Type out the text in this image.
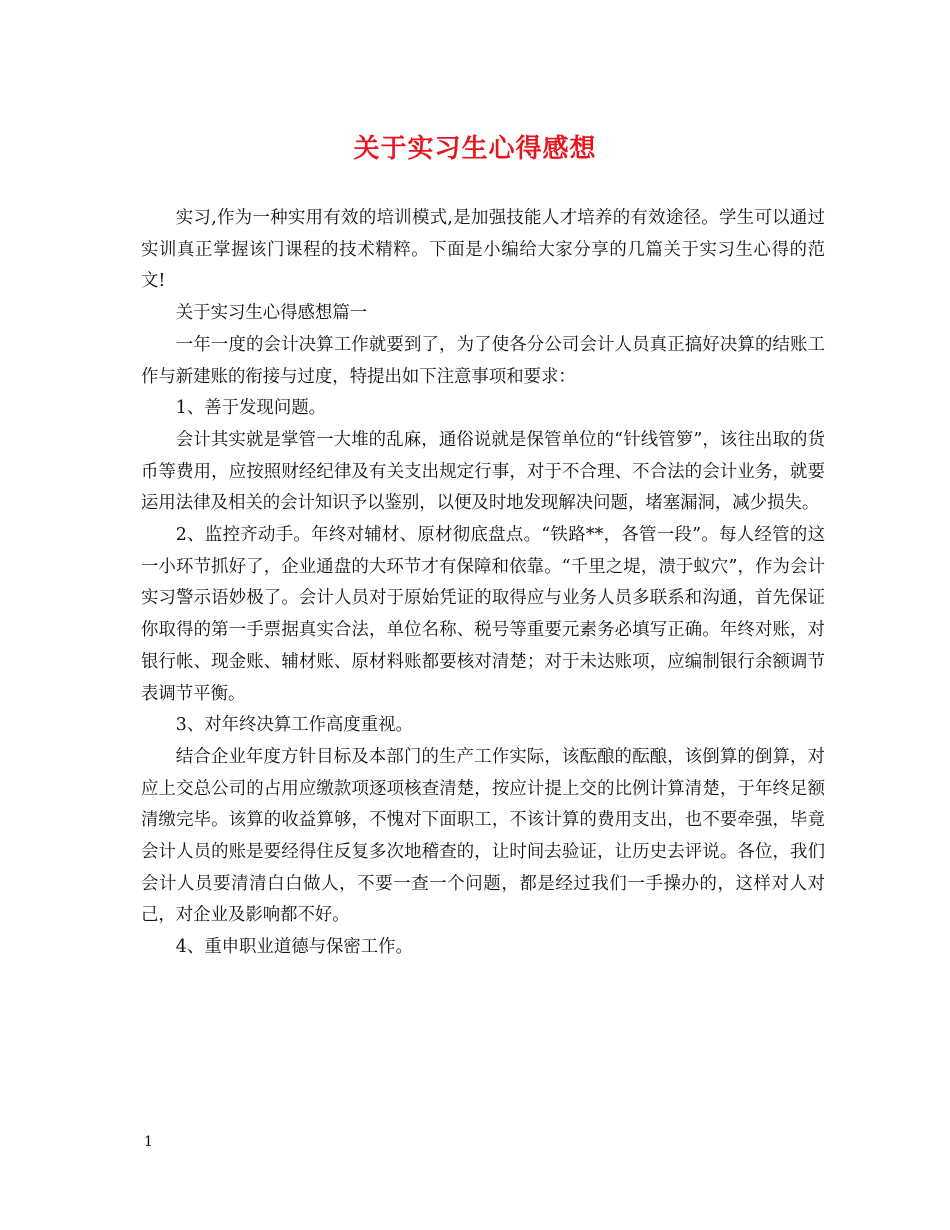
关于实习生心得感想

实习,作为一种实用有效的培训模式,是加强技能人才培养的有效途径。学生可以通过实训真正掌握该门课程的技术精粹。下面是小编给大家分享的几篇关于实习生心得的范文!

关于实习生心得感想篇一

一年一度的会计决算工作就要到了，为了使各分公司会计人员真正搞好决算的结账工作与新建账的衔接与过度，特提出如下注意事项和要求：

1、善于发现问题。

会计其实就是掌管一大堆的乱麻，通俗说就是保管单位的“针线管箩”，该往出取的货币等费用，应按照财经纪律及有关支出规定行事，对于不合理、不合法的会计业务，就要运用法律及相关的会计知识予以鉴别，以便及时地发现解决问题，堵塞漏洞，减少损失。

2、监控齐动手。年终对辅材、原材彻底盘点。“铁路**，各管一段”。每人经管的这一小环节抓好了，企业通盘的大环节才有保障和依靠。“千里之堤，溃于蚁穴”，作为会计实习警示语妙极了。会计人员对于原始凭证的取得应与业务人员多联系和沟通，首先保证你取得的第一手票据真实合法，单位名称、税号等重要元素务必填写正确。年终对账，对银行帐、现金账、辅材账、原材料账都要核对清楚；对于未达账项，应编制银行余额调节表调节平衡。

3、对年终决算工作高度重视。

结合企业年度方针目标及本部门的生产工作实际，该酝酿的酝酿，该倒算的倒算，对应上交总公司的占用应缴款项逐项核查清楚，按应计提上交的比例计算清楚，于年终足额清缴完毕。该算的收益算够，不愧对下面职工，不该计算的费用支出，也不要牵强，毕竟会计人员的账是要经得住反复多次地稽查的，让时间去验证，让历史去评说。各位，我们会计人员要清清白白做人，不要一查一个问题，都是经过我们一手操办的，这样对人对己，对企业及影响都不好。

4、重申职业道德与保密工作。

1
